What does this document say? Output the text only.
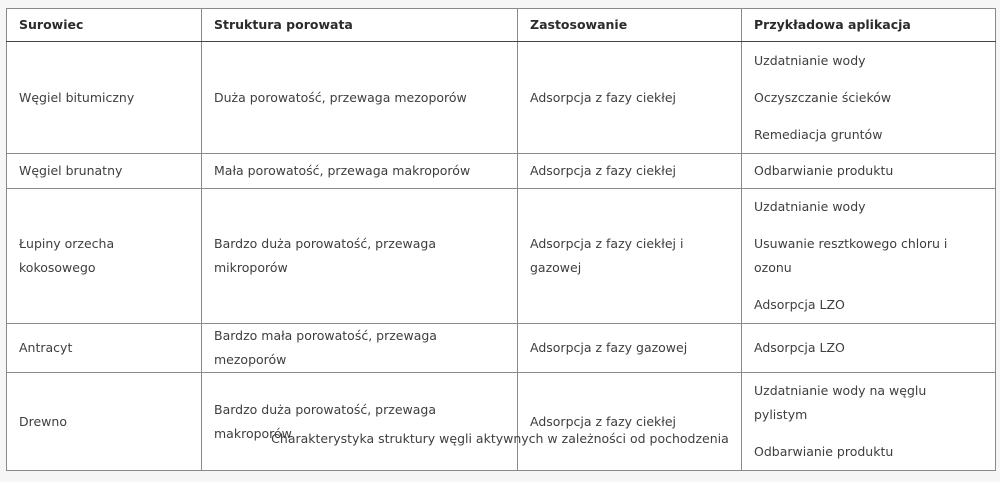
Surowiec	Struktura porowata	Zastosowanie	Przykładowa aplikacja
Węgiel bitumiczny	Duża porowatość, przewaga mezoporów	Adsorpcja z fazy ciekłej	Uzdatnianie wody
Oczyszczanie ścieków
Remediacja gruntów

Węgiel brunatny	Mała porowatość, przewaga makroporów	Adsorpcja z fazy ciekłej	Odbarwianie produktu
Łupiny orzecha kokosowego	Bardzo duża porowatość, przewaga mikroporów	Adsorpcja z fazy ciekłej i gazowej	Uzdatnianie wody
Usuwanie resztkowego chloru i ozonu
Adsorpcja LZO

Antracyt	Bardzo mała porowatość, przewaga mezoporów	Adsorpcja z fazy gazowej	Adsorpcja LZO
Drewno	Bardzo duża porowatość, przewaga makroporów	Adsorpcja z fazy ciekłej	Uzdatnianie wody na węglu pylistym
Odbarwianie produktu
Charakterystyka struktury węgli aktywnych w zależności od pochodzenia
